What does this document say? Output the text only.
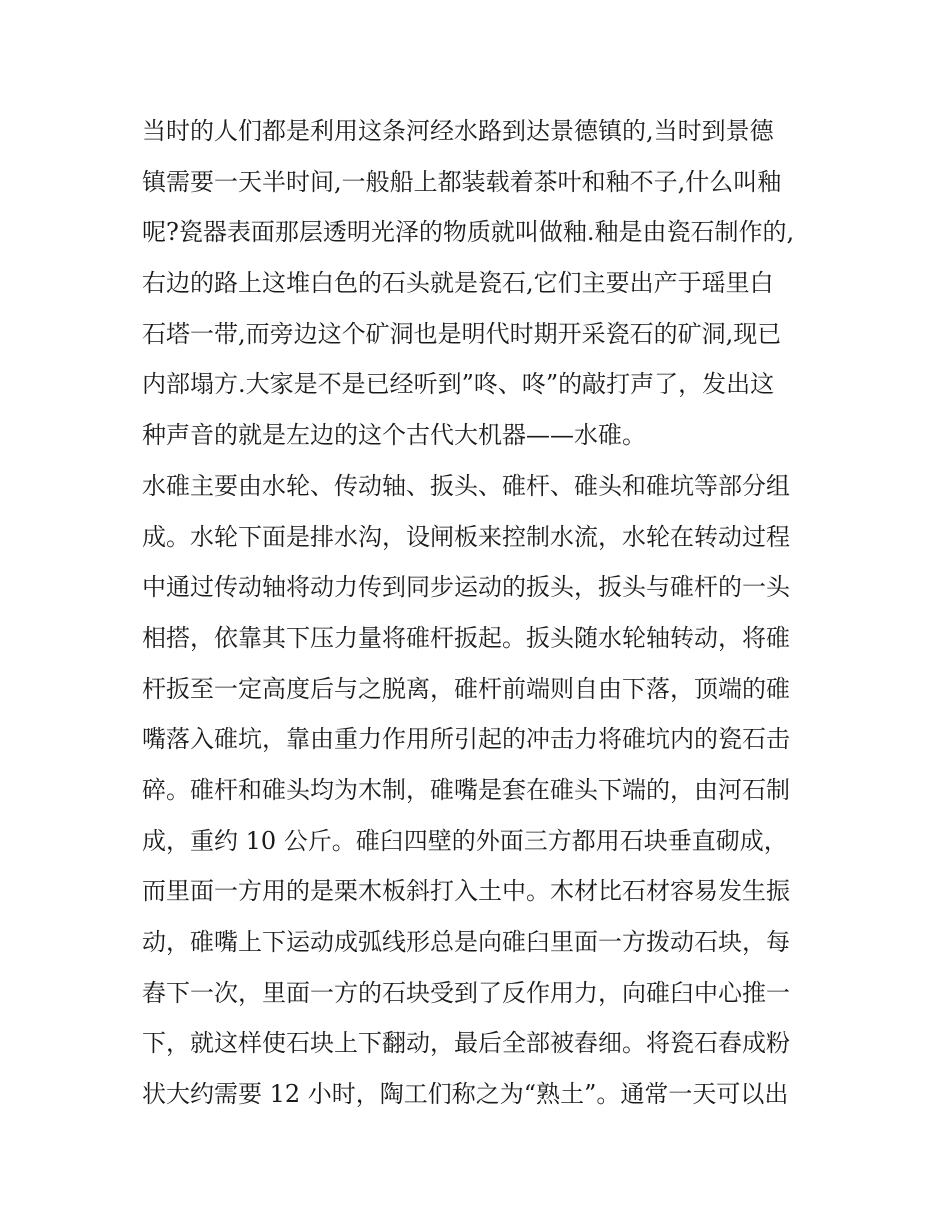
当时的人们都是利用这条河经水路到达景德镇的,当时到景德
镇需要一天半时间,一般船上都装载着茶叶和釉不子,什么叫釉
呢?瓷器表面那层透明光泽的物质就叫做釉.釉是由瓷石制作的,
右边的路上这堆白色的石头就是瓷石,它们主要出产于瑶里白
石塔一带,而旁边这个矿洞也是明代时期开采瓷石的矿洞,现已
内部塌方.大家是不是已经听到”咚、咚”的敲打声了，发出这
种声音的就是左边的这个古代大机器——水碓。
水碓主要由水轮、传动轴、扳头、碓杆、碓头和碓坑等部分组
成。水轮下面是排水沟，设闸板来控制水流，水轮在转动过程
中通过传动轴将动力传到同步运动的扳头，扳头与碓杆的一头
相搭，依靠其下压力量将碓杆扳起。扳头随水轮轴转动，将碓
杆扳至一定高度后与之脱离，碓杆前端则自由下落，顶端的碓
嘴落入碓坑，靠由重力作用所引起的冲击力将碓坑内的瓷石击
碎。碓杆和碓头均为木制，碓嘴是套在碓头下端的，由河石制
成，重约 10 公斤。碓臼四壁的外面三方都用石块垂直砌成，
而里面一方用的是栗木板斜打入土中。木材比石材容易发生振
动，碓嘴上下运动成弧线形总是向碓臼里面一方拨动石块，每
舂下一次，里面一方的石块受到了反作用力，向碓臼中心推一
下，就这样使石块上下翻动，最后全部被舂细。将瓷石舂成粉
状大约需要 12 小时，陶工们称之为“熟土”。通常一天可以出
